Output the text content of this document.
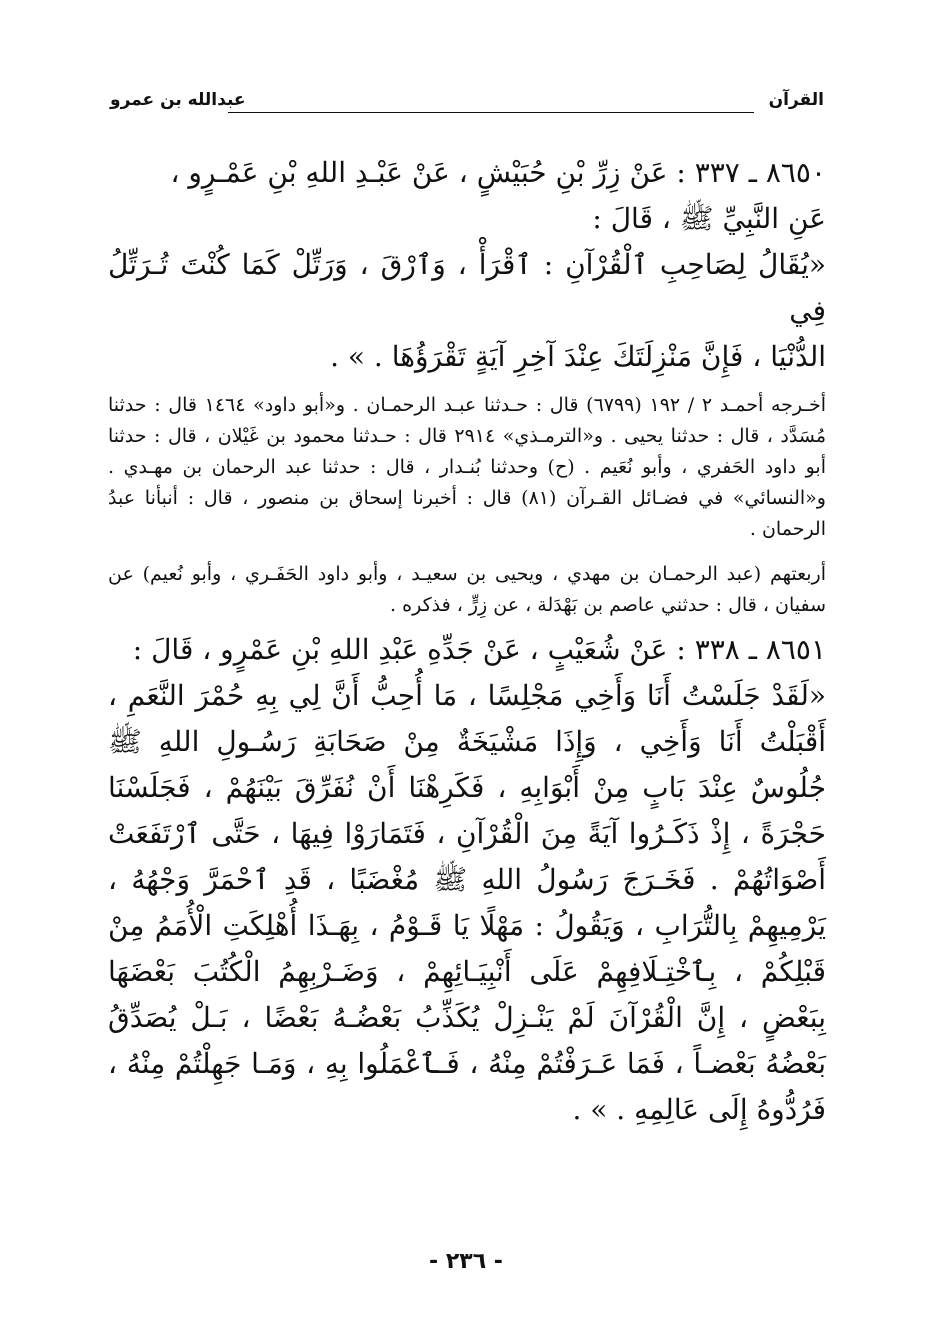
القرآن
عبدالله بن عمرو

٨٦٥٠ ـ ٣٣٧ : عَنْ زِرِّ بْنِ حُبَيْشٍ ، عَنْ عَبْـدِ اللهِ بْنِ عَمْـرٍو ،

عَنِ النَّبِيِّ ﷺ ، قَالَ :

«يُقَالُ لِصَاحِبِ ٱلْقُرْآنِ : ٱقْرَأْ ، وَٱرْقَ ، وَرَتِّلْ كَمَا كُنْتَ تُـرَتِّلُ فِي

الدُّنْيَا ، فَإِنَّ مَنْزِلَتَكَ عِنْدَ آخِرِ آيَةٍ تَقْرَؤُهَا . » .

أخـرجه أحمـد ٢ / ١٩٢ (٦٧٩٩) قال : حـدثنا عبـد الرحمـان . و«أبو داود» ١٤٦٤ قال : حدثنا مُسَدَّد ، قال : حدثنا يحيى . و«الترمـذي» ٢٩١٤ قال : حـدثنا محمود بن غَيْلان ، قال : حدثنا أبو داود الحَفري ، وأبو نُعَيم . (ح) وحدثنا بُنـدار ، قال : حدثنا عبد الرحمان بن مهـدي . و«النسائي» في فضـائل القـرآن (٨١) قال : أخبرنا إسحاق بن منصور ، قال : أنبأنا عبدُ الرحمان .

أربعتهم (عبد الرحمـان بن مهدي ، ويحيى بن سعيـد ، وأبو داود الحَفَـري ، وأبو نُعيم) عن سفيان ، قال : حدثني عاصم بن بَهْدَلة ، عن زِرٍّ ، فذكره .

٨٦٥١ ـ ٣٣٨ : عَنْ شُعَيْبٍ ، عَنْ جَدِّهِ عَبْدِ اللهِ بْنِ عَمْرٍو ، قَالَ :

«لَقَدْ جَلَسْتُ أَنَا وَأَخِي مَجْلِسًا ، مَا أُحِبُّ أَنَّ لِي بِهِ حُمْرَ النَّعَمِ ، أَقْبَلْتُ أَنَا وَأَخِي ، وَإِذَا مَشْيَخَةٌ مِنْ صَحَابَةِ رَسُـولِ اللهِ ﷺ جُلُوسٌ عِنْدَ بَابٍ مِنْ أَبْوَابِهِ ، فَكَرِهْنَا أَنْ نُفَرِّقَ بَيْنَهُمْ ، فَجَلَسْنَا حَجْرَةً ، إِذْ ذَكَـرُوا آيَةً مِنَ الْقُرْآنِ ، فَتَمَارَوْا فِيهَا ، حَتَّى ٱرْتَفَعَتْ أَصْوَاتُهُمْ . فَخَـرَجَ رَسُولُ اللهِ ﷺ مُغْضَبًا ، قَدِ ٱحْمَرَّ وَجْهُهُ ، يَرْمِيهِمْ بِالتُّرَابِ ، وَيَقُولُ : مَهْلًا يَا قَـوْمُ ، بِهَـذَا أُهْلِكَتِ الْأُمَمُ مِنْ قَبْلِكُمْ ، بِٱخْتِـلَافِهِمْ عَلَى أَنْبِيَـائِهِمْ ، وَضَـرْبِهِمُ الْكُتُبَ بَعْضَهَا بِبَعْضٍ ، إِنَّ الْقُرْآنَ لَمْ يَنْـزِلْ يُكَذِّبُ بَعْضُـهُ بَعْضًا ، بَـلْ يُصَدِّقُ بَعْضُهُ بَعْضـاً ، فَمَا عَـرَفْتُمْ مِنْهُ ، فَـٱعْمَلُوا بِهِ ، وَمَـا جَهِلْتُمْ مِنْهُ ، فَرُدُّوهُ إِلَى عَالِمِهِ . » .

- ٢٣٦ -
